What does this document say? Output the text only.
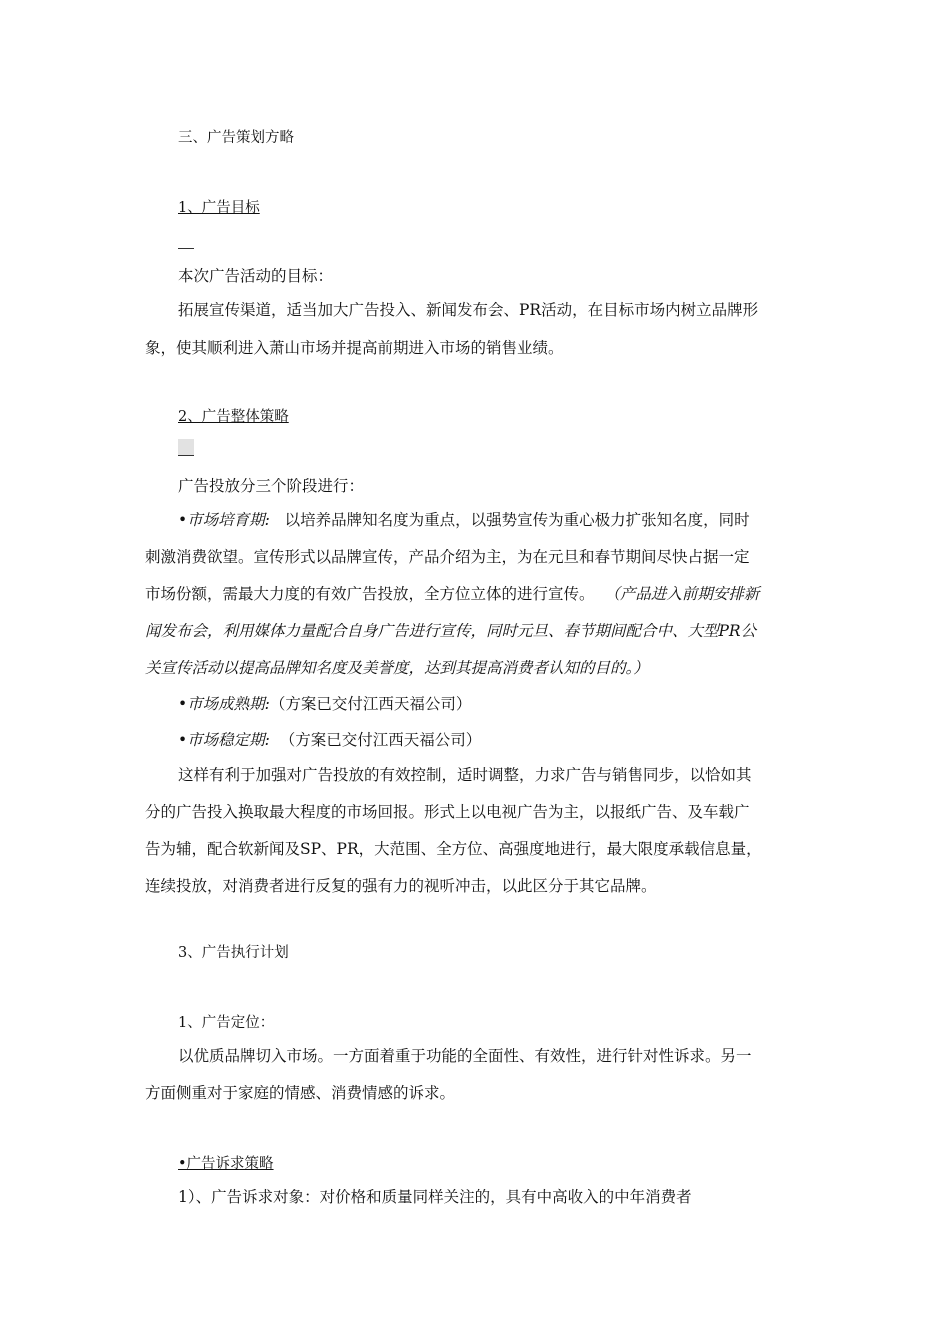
三、广告策划方略
1、广告目标
本次广告活动的目标：
拓展宣传渠道，适当加大广告投入、新闻发布会、PR活动，在目标市场内树立品牌形
象，使其顺利进入萧山市场并提高前期进入市场的销售业绩。
2、广告整体策略
广告投放分三个阶段进行：
•市场培育期: 以培养品牌知名度为重点，以强势宣传为重心极力扩张知名度，同时
刺激消费欲望。宣传形式以品牌宣传，产品介绍为主，为在元旦和春节期间尽快占据一定
市场份额，需最大力度的有效广告投放，全方位立体的进行宣传。 （产品进入前期安排新
闻发布会，利用媒体力量配合自身广告进行宣传，同时元旦、春节期间配合中、大型PR公
关宣传活动以提高品牌知名度及美誉度，达到其提高消费者认知的目的。）
•市场成熟期:（方案已交付江西天福公司）
•市场稳定期: （方案已交付江西天福公司）
这样有利于加强对广告投放的有效控制，适时调整，力求广告与销售同步，以恰如其
分的广告投入换取最大程度的市场回报。形式上以电视广告为主，以报纸广告、及车载广
告为辅，配合软新闻及SP、PR，大范围、全方位、高强度地进行，最大限度承载信息量，
连续投放，对消费者进行反复的强有力的视听冲击，以此区分于其它品牌。
3、广告执行计划
1、广告定位：
以优质品牌切入市场。一方面着重于功能的全面性、有效性，进行针对性诉求。另一
方面侧重对于家庭的情感、消费情感的诉求。
•广告诉求策略
1）、广告诉求对象：对价格和质量同样关注的，具有中高收入的中年消费者
